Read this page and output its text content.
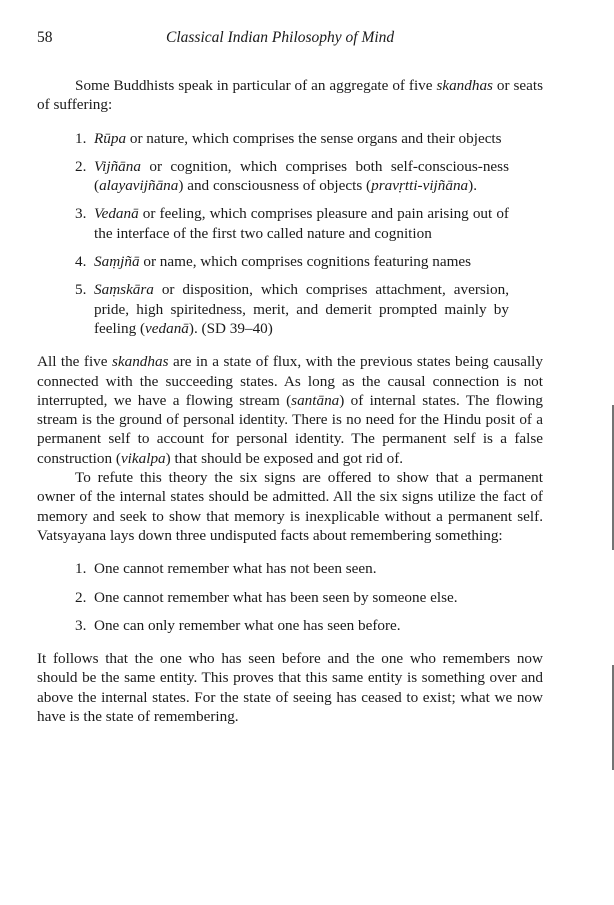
58	Classical Indian Philosophy of Mind

Some Buddhists speak in particular of an aggregate of five skandhas or seats of suffering:

1. Rūpa or nature, which comprises the sense organs and their objects
2. Vijñāna or cognition, which comprises both self-conscious-ness (alayavijñāna) and consciousness of objects (pravṛtti-vijñāna).
3. Vedanā or feeling, which comprises pleasure and pain arising out of the interface of the first two called nature and cognition
4. Saṃjñā or name, which comprises cognitions featuring names
5. Saṃskāra or disposition, which comprises attachment, aversion, pride, high spiritedness, merit, and demerit prompted mainly by feeling (vedanā). (SD 39–40)

All the five skandhas are in a state of flux, with the previous states being causally connected with the succeeding states. As long as the causal connection is not interrupted, we have a flowing stream (santāna) of internal states. The flowing stream is the ground of personal identity. There is no need for the Hindu posit of a permanent self to account for personal identity. The permanent self is a false construction (vikalpa) that should be exposed and got rid of.

To refute this theory the six signs are offered to show that a permanent owner of the internal states should be admitted. All the six signs utilize the fact of memory and seek to show that memory is inexplicable without a permanent self. Vatsyayana lays down three undisputed facts about remembering something:

1. One cannot remember what has not been seen.
2. One cannot remember what has been seen by someone else.
3. One can only remember what one has seen before.

It follows that the one who has seen before and the one who remembers now should be the same entity. This proves that this same entity is something over and above the internal states. For the state of seeing has ceased to exist; what we now have is the state of remembering.
